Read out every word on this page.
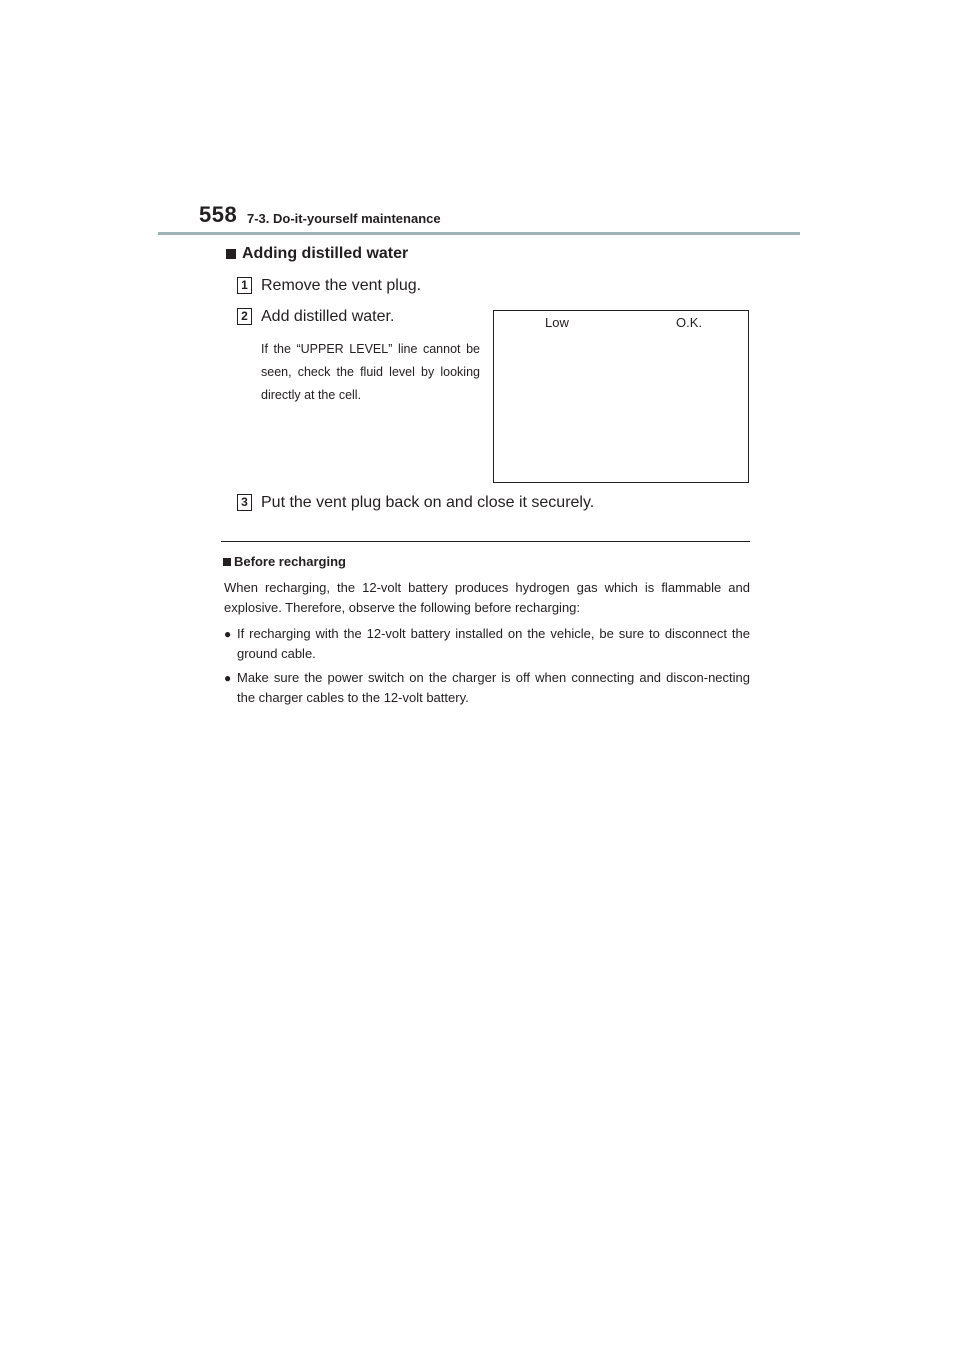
558 7-3. Do-it-yourself maintenance
Adding distilled water
1 Remove the vent plug.
2 Add distilled water.
If the “UPPER LEVEL” line cannot be seen, check the fluid level by looking directly at the cell.
Low	O.K.
3 Put the vent plug back on and close it securely.
Before recharging
When recharging, the 12-volt battery produces hydrogen gas which is flammable and explosive. Therefore, observe the following before recharging:
● If recharging with the 12-volt battery installed on the vehicle, be sure to disconnect the ground cable.
● Make sure the power switch on the charger is off when connecting and discon-necting the charger cables to the 12-volt battery.
